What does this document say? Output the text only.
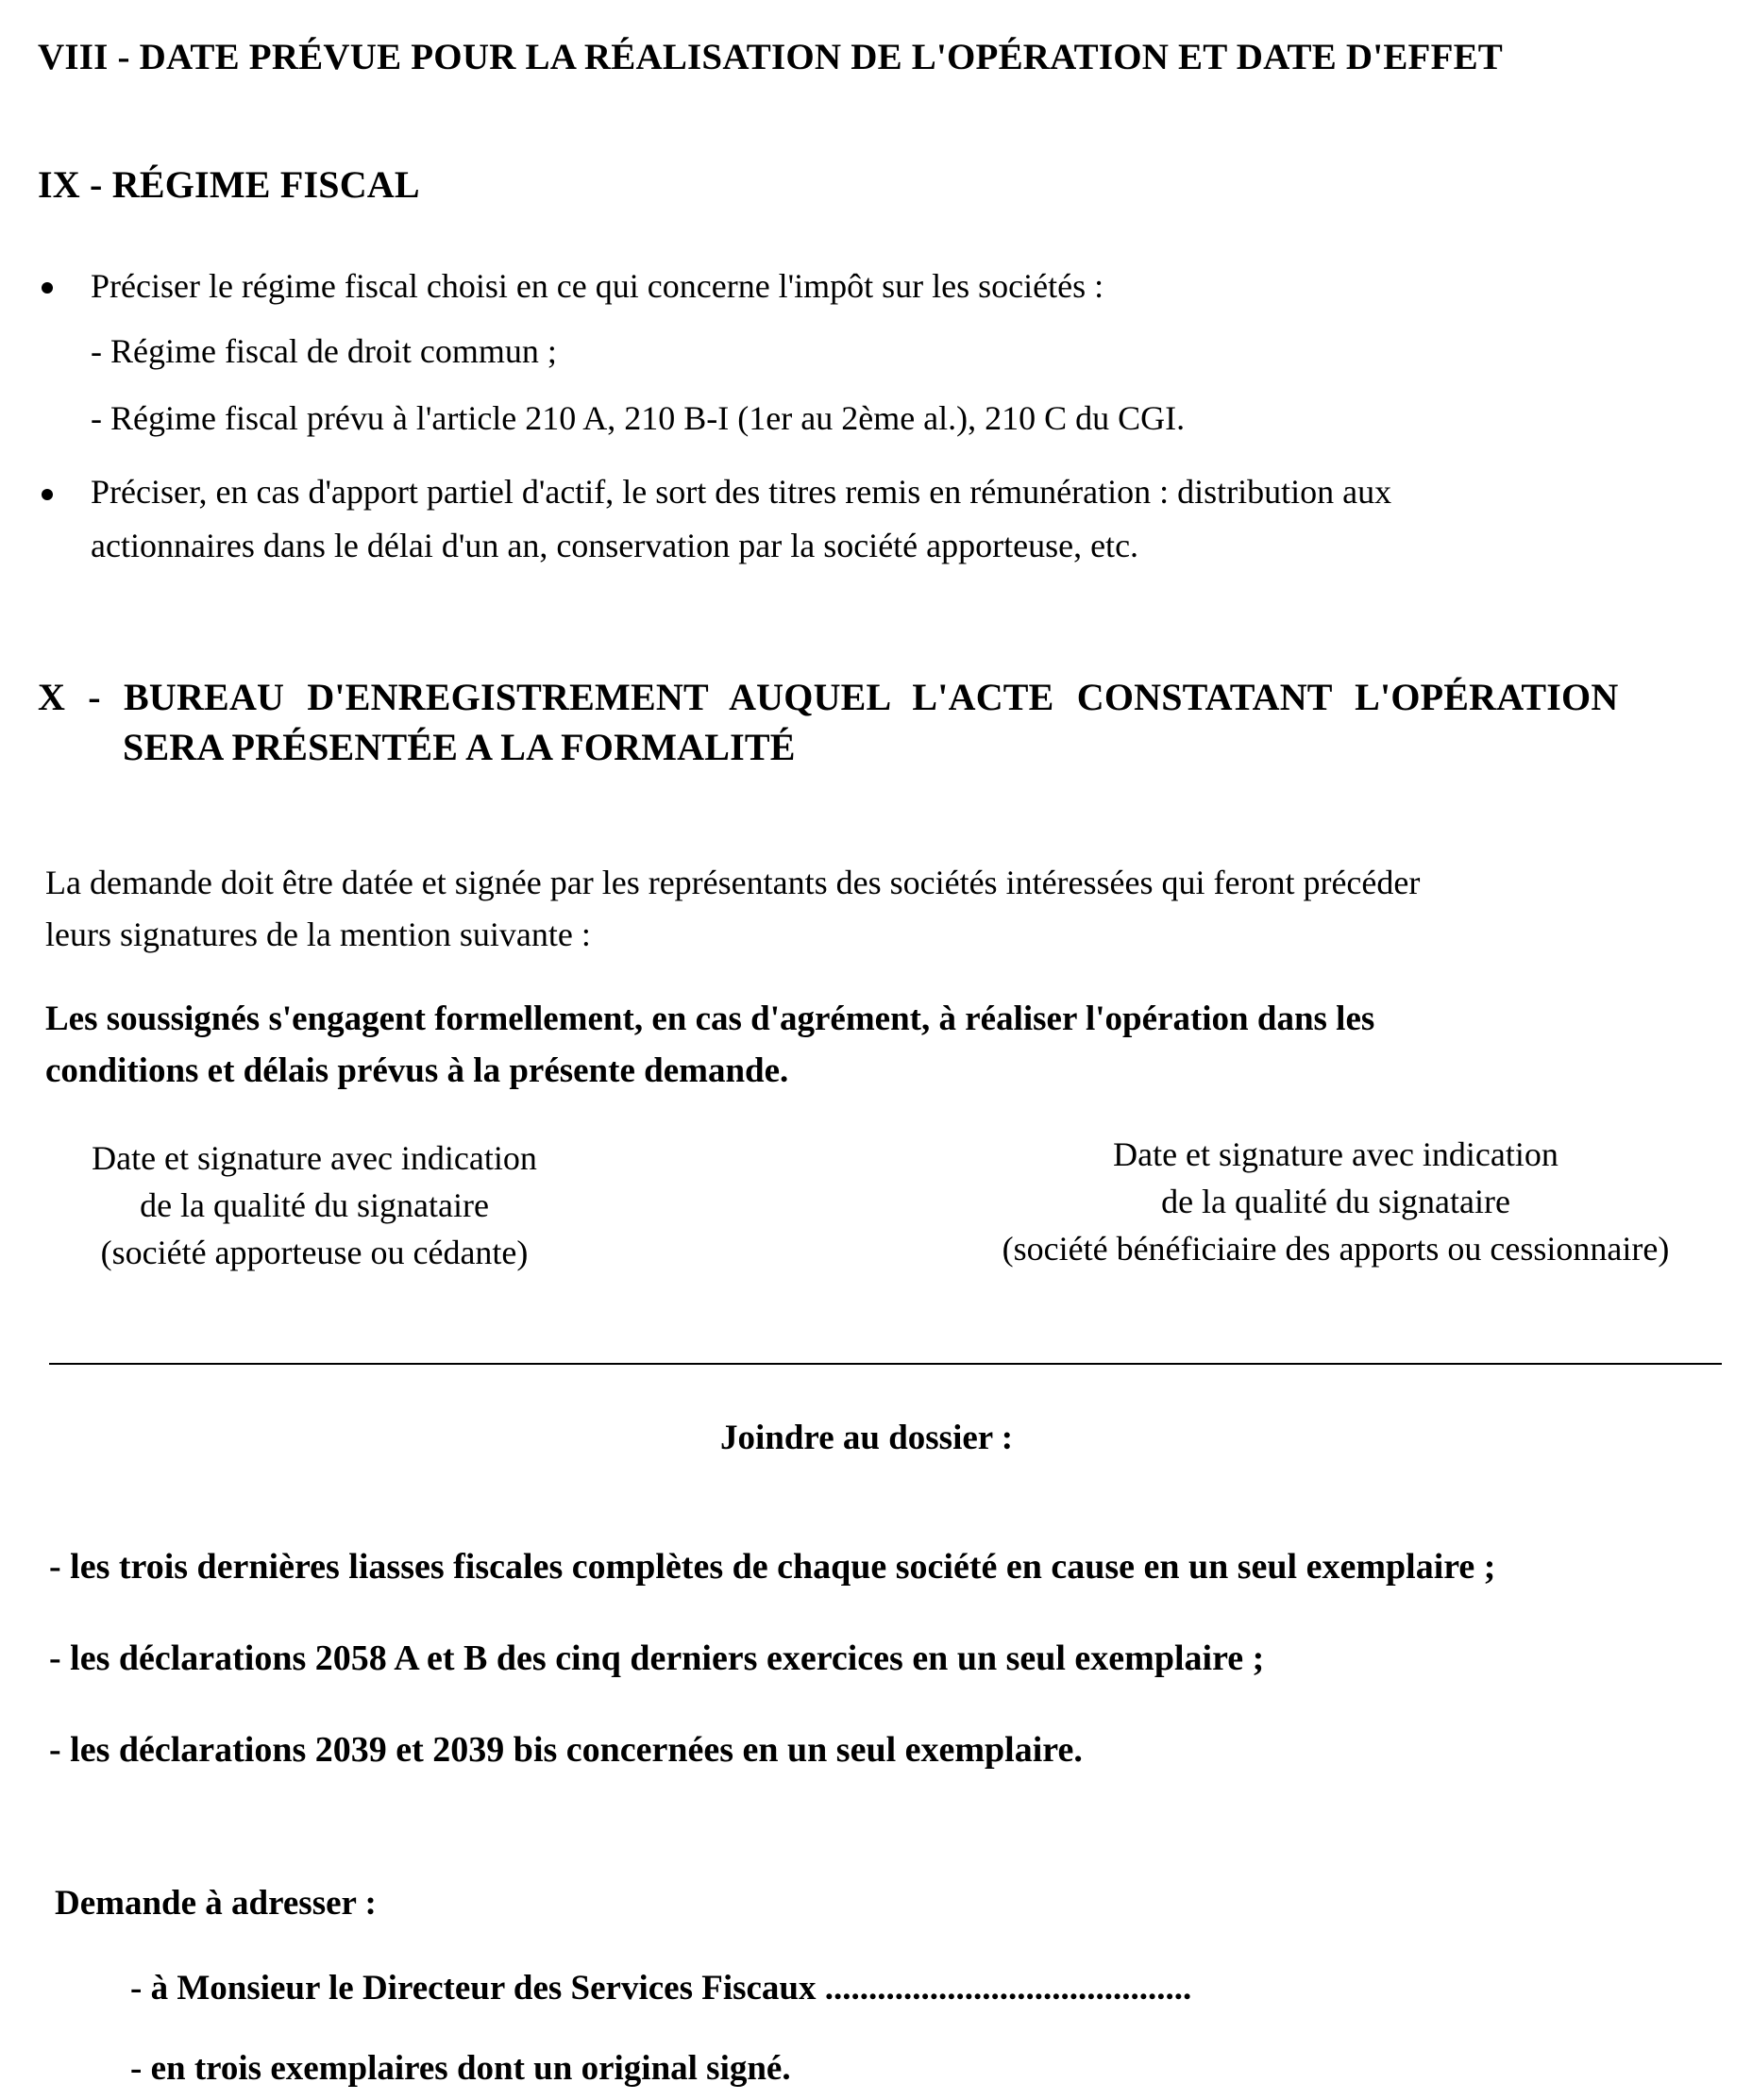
VIII - DATE PRÉVUE POUR LA RÉALISATION DE L'OPÉRATION ET DATE D'EFFET
IX - RÉGIME FISCAL
Préciser le régime fiscal choisi en ce qui concerne l'impôt sur les sociétés :
- Régime fiscal de droit commun ;
- Régime fiscal prévu à l'article 210 A, 210 B-I (1er au 2ème al.), 210 C du CGI.
Préciser, en cas d'apport partiel d'actif, le sort des titres remis en rémunération : distribution aux
actionnaires dans le délai d'un an, conservation par la société apporteuse, etc.
X - BUREAU D'ENREGISTREMENT AUQUEL L'ACTE CONSTATANT L'OPÉRATION
SERA PRÉSENTÉE A LA FORMALITÉ
La demande doit être datée et signée par les représentants des sociétés intéressées qui feront précéder
leurs signatures de la mention suivante :
Les soussignés s'engagent formellement, en cas d'agrément, à réaliser l'opération dans les
conditions et délais prévus à la présente demande.
Date et signature avec indication
de la qualité du signataire
(société apporteuse ou cédante)
Date et signature avec indication
de la qualité du signataire
(société bénéficiaire des apports ou cessionnaire)
Joindre au dossier :
- les trois dernières liasses fiscales complètes de chaque société en cause en un seul exemplaire ;
- les déclarations 2058 A et B des cinq derniers exercices en un seul exemplaire ;
- les déclarations 2039 et 2039 bis concernées en un seul exemplaire.
Demande à adresser :
- à Monsieur le Directeur des Services Fiscaux ..........................................
- en trois exemplaires dont un original signé.
